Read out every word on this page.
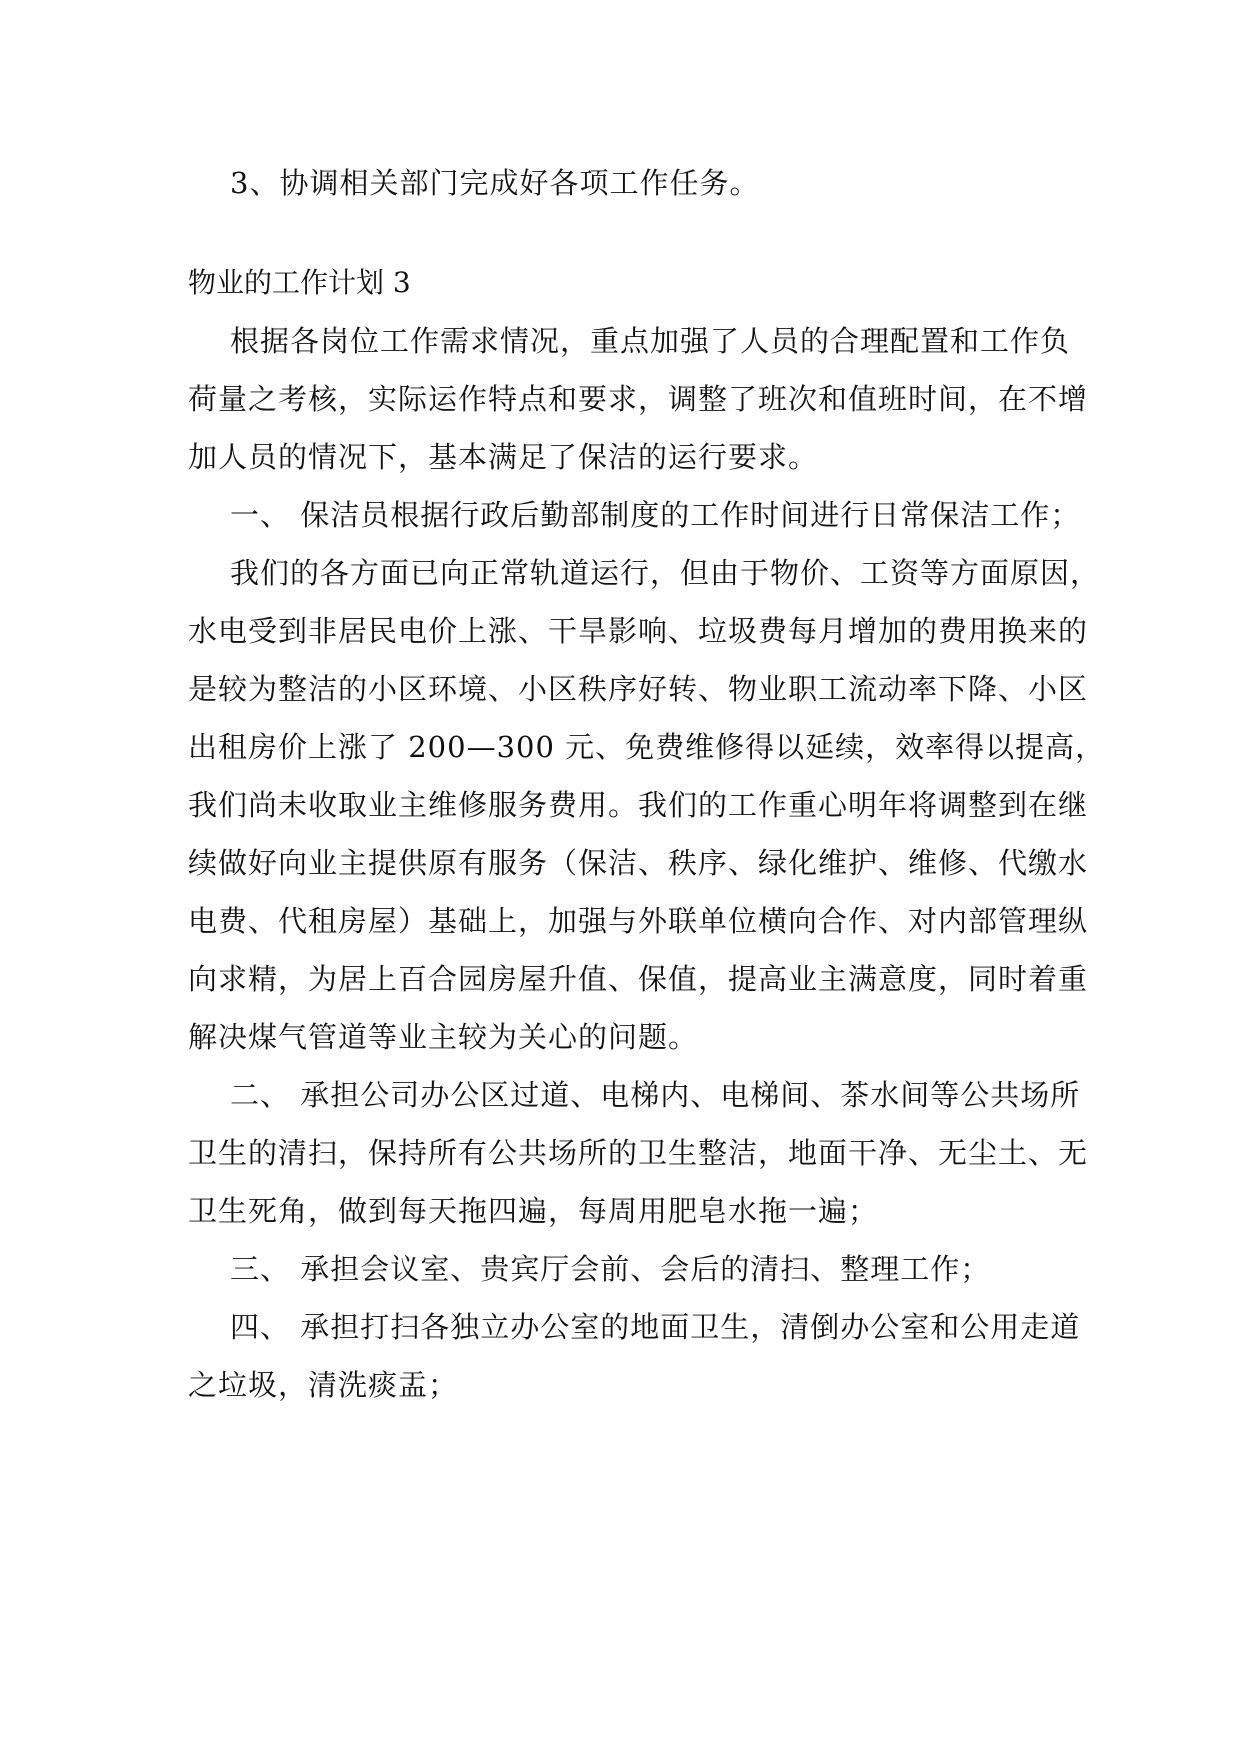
3、协调相关部门完成好各项工作任务。

物业的工作计划 3

根据各岗位工作需求情况，重点加强了人员的合理配置和工作负

荷量之考核，实际运作特点和要求，调整了班次和值班时间，在不增

加人员的情况下，基本满足了保洁的运行要求。

一、 保洁员根据行政后勤部制度的工作时间进行日常保洁工作；

我们的各方面已向正常轨道运行，但由于物价、工资等方面原因，

水电受到非居民电价上涨、干旱影响、垃圾费每月增加的费用换来的

是较为整洁的小区环境、小区秩序好转、物业职工流动率下降、小区

出租房价上涨了 200—300 元、免费维修得以延续，效率得以提高，

我们尚未收取业主维修服务费用。我们的工作重心明年将调整到在继

续做好向业主提供原有服务（保洁、秩序、绿化维护、维修、代缴水

电费、代租房屋）基础上，加强与外联单位横向合作、对内部管理纵

向求精，为居上百合园房屋升值、保值，提高业主满意度，同时着重

解决煤气管道等业主较为关心的问题。

二、 承担公司办公区过道、电梯内、电梯间、茶水间等公共场所

卫生的清扫，保持所有公共场所的卫生整洁，地面干净、无尘土、无

卫生死角，做到每天拖四遍，每周用肥皂水拖一遍；

三、 承担会议室、贵宾厅会前、会后的清扫、整理工作；

四、 承担打扫各独立办公室的地面卫生，清倒办公室和公用走道

之垃圾，清洗痰盂；
